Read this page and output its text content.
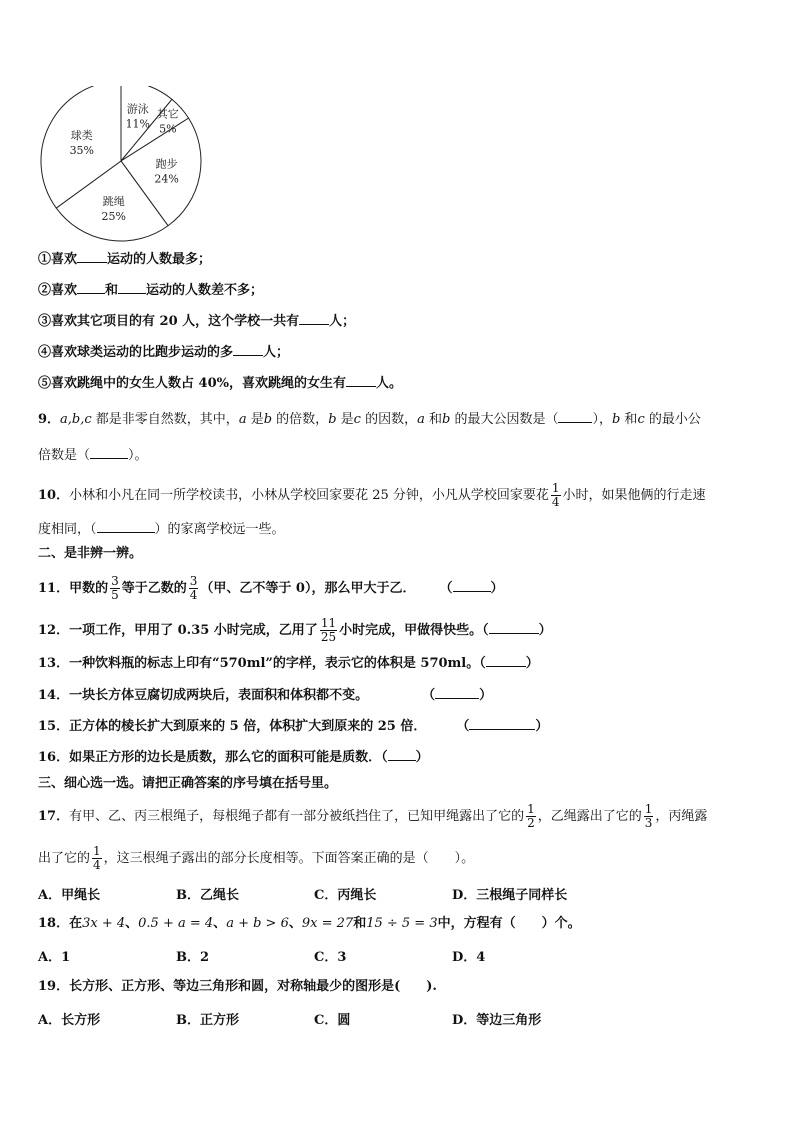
游泳
11%
其它
5%
跑步
24%
跳绳
25%
球类
35%
①喜欢 运动的人数最多；
②喜欢 和 运动的人数差不多；
③喜欢其它项目的有 20 人，这个学校一共有 人；
④喜欢球类运动的比跑步运动的多 人；
⑤喜欢跳绳中的女生人数占 40%，喜欢跳绳的女生有 人。
9．a,b,c 都是非零自然数，其中，a 是b 的倍数，b 是c 的因数，a 和b 的最大公因数是（	），b 和c 的最小公
倍数是（	）。
10．小林和小凡在同一所学校读书，小林从学校回家要花 25 分钟，小凡从学校回家要花 $\frac{1}{4}$ 小时，如果他俩的行走速
度相同，（	）的家离学校远一些。
二、是非辨一辨。
11．甲数的 $\frac{3}{5}$ 等于乙数的 $\frac{3}{4}$ （甲、乙不等于 0），那么甲大于乙． （	）
12．一项工作，甲用了 0.35 小时完成，乙用了 $\frac{11}{25}$ 小时完成，甲做得快些。（	）
13．一种饮料瓶的标志上印有“570ml”的字样，表示它的体积是 570ml。（	）
14．一块长方体豆腐切成两块后，表面积和体积都不变。	（	）
15．正方体的棱长扩大到原来的 5 倍，体积扩大到原来的 25 倍． （	）
16．如果正方形的边长是质数，那么它的面积可能是质数．（ ）
三、细心选一选。请把正确答案的序号填在括号里。
17．有甲、乙、丙三根绳子，每根绳子都有一部分被纸挡住了，已知甲绳露出了它的 $\frac{1}{2}$ ，乙绳露出了它的 $\frac{1}{3}$ ，丙绳露
出了它的 $\frac{1}{4}$ ，这三根绳子露出的部分长度相等。下面答案正确的是（　　）。
A．甲绳长	B．乙绳长	C．丙绳长	D．三根绳子同样长
18．在3x + 4、0.5 + a = 4、a + b > 6、9x = 27和15 ÷ 5 = 3中，方程有（　　）个。
A．1	B．2	C．3	D．4
19．长方形、正方形、等边三角形和圆，对称轴最少的图形是(　　).
A．长方形	B．正方形	C．圆	D．等边三角形
